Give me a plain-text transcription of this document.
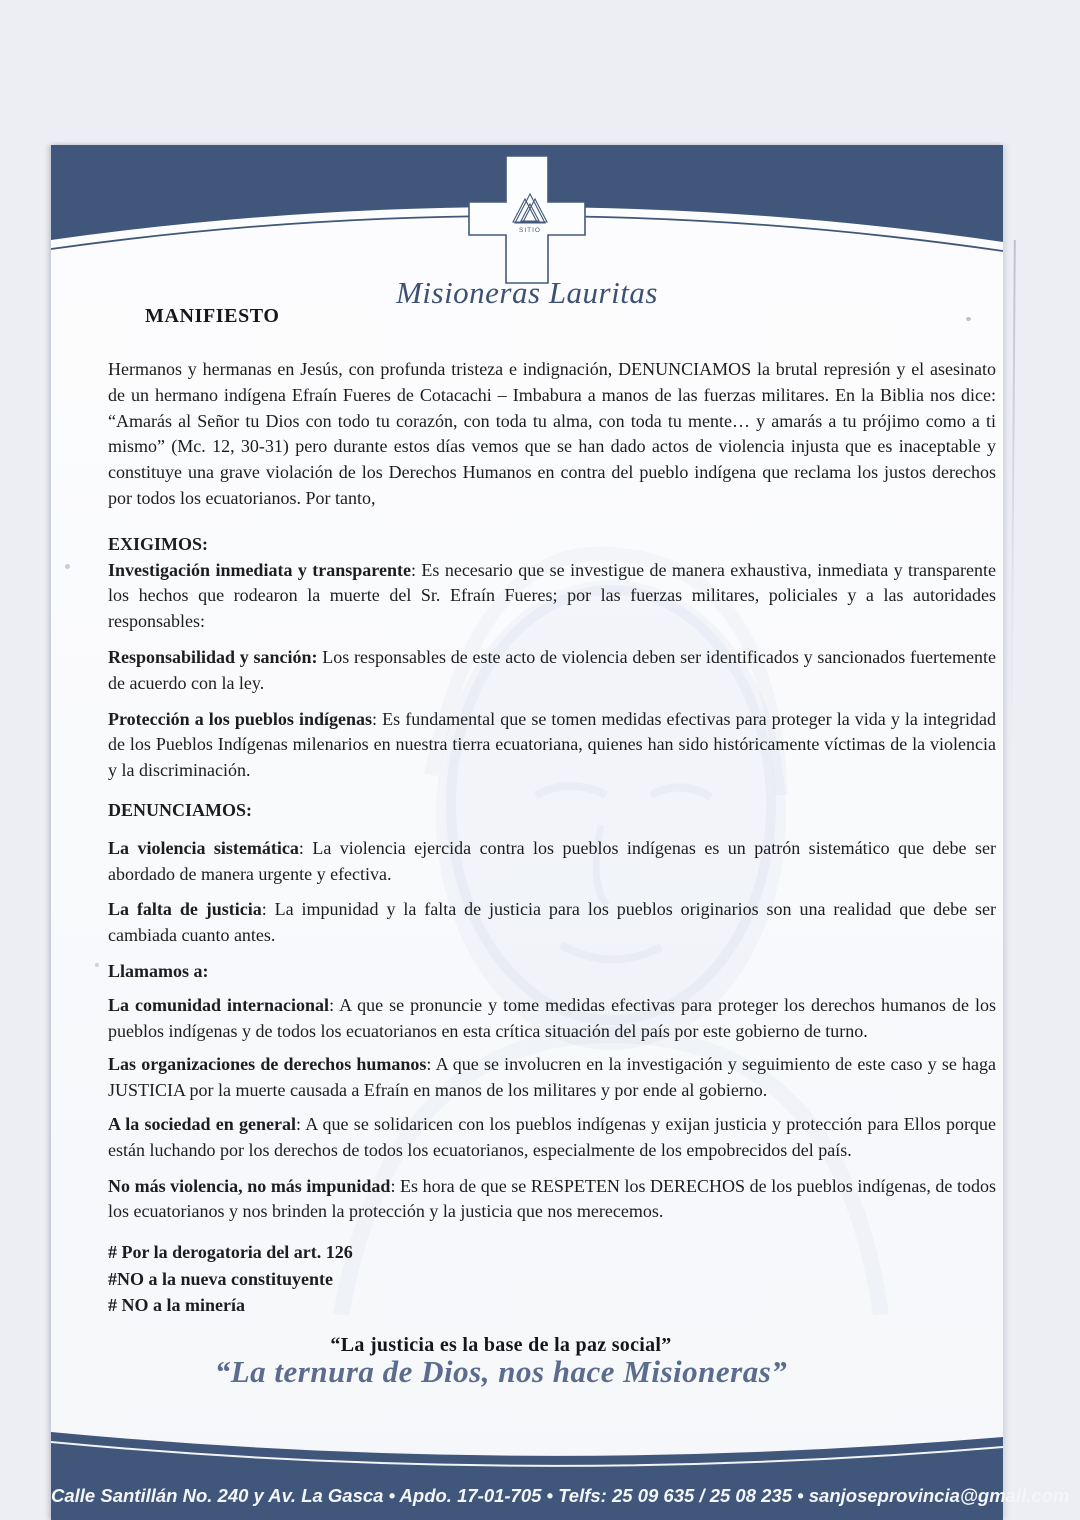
SITIO
Misioneras Lauritas
MANIFIESTO

Hermanos y hermanas en Jesús, con profunda tristeza e indignación, DENUNCIAMOS la brutal represión y el asesinato de un hermano indígena Efraín Fueres de Cotacachi – Imbabura a manos de las fuerzas militares. En la Biblia nos dice: “Amarás al Señor tu Dios con todo tu corazón, con toda tu alma, con toda tu mente… y amarás a tu prójimo como a ti mismo” (Mc. 12, 30-31) pero durante estos días vemos que se han dado actos de violencia injusta que es inaceptable y constituye una grave violación de los Derechos Humanos en contra del pueblo indígena que reclama los justos derechos por todos los ecuatorianos. Por tanto,

EXIGIMOS:

Investigación inmediata y transparente: Es necesario que se investigue de manera exhaustiva, inmediata y transparente los hechos que rodearon la muerte del Sr. Efraín Fueres; por las fuerzas militares, policiales y a las autoridades responsables:

Responsabilidad y sanción: Los responsables de este acto de violencia deben ser identificados y sancionados fuertemente de acuerdo con la ley.

Protección a los pueblos indígenas: Es fundamental que se tomen medidas efectivas para proteger la vida y la integridad de los Pueblos Indígenas milenarios en nuestra tierra ecuatoriana, quienes han sido históricamente víctimas de la violencia y la discriminación.

DENUNCIAMOS:

La violencia sistemática: La violencia ejercida contra los pueblos indígenas es un patrón sistemático que debe ser abordado de manera urgente y efectiva.

La falta de justicia: La impunidad y la falta de justicia para los pueblos originarios son una realidad que debe ser cambiada cuanto antes.

Llamamos a:

La comunidad internacional: A que se pronuncie y tome medidas efectivas para proteger los derechos humanos de los pueblos indígenas y de todos los ecuatorianos en esta crítica situación del país por este gobierno de turno.

Las organizaciones de derechos humanos: A que se involucren en la investigación y seguimiento de este caso y se haga JUSTICIA por la muerte causada a Efraín en manos de los militares y por ende al gobierno.

A la sociedad en general: A que se solidaricen con los pueblos indígenas y exijan justicia y protección para Ellos porque están luchando por los derechos de todos los ecuatorianos, especialmente de los empobrecidos del país.

No más violencia, no más impunidad: Es hora de que se RESPETEN los DERECHOS de los pueblos indígenas, de todos los ecuatorianos y nos brinden la protección y la justicia que nos merecemos.

# Por la derogatoria del art. 126

#NO a la nueva constituyente

# NO a la minería

“La justicia es la base de la paz social”

“La ternura de Dios, nos hace Misioneras”

Calle Santillán No. 240 y Av. La Gasca • Apdo. 17-01-705 • Telfs: 25 09 635 / 25 08 235 • sanjoseprovincia@gmail.com
